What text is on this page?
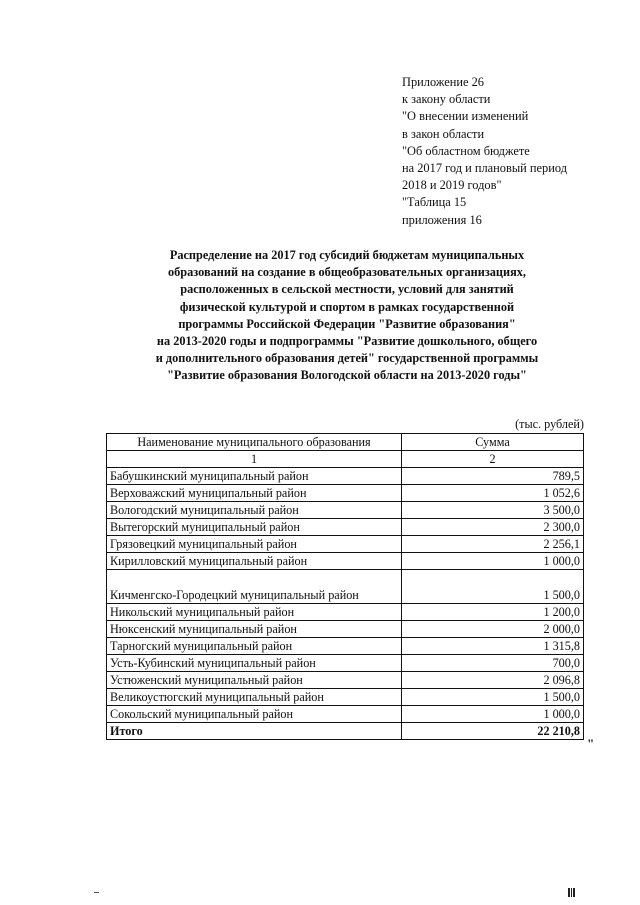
Приложение 26
к закону области
"О внесении изменений
в закон области
"Об областном бюджете
на 2017 год и плановый период
2018 и 2019 годов"
"Таблица 15
приложения 16
Распределение на 2017 год субсидий бюджетам муниципальных
образований на создание в общеобразовательных организациях,
расположенных в сельской местности, условий для занятий
физической культурой и спортом в рамках государственной
программы Российской Федерации "Развитие образования"
на 2013-2020 годы и подпрограммы "Развитие дошкольного, общего
и дополнительного образования детей" государственной программы
"Развитие образования Вологодской области на 2013-2020 годы"
(тыс. рублей)
Наименование муниципального образования	Сумма
1	2
Бабушкинский муниципальный район	789,5
Верховажский муниципальный район	1 052,6
Вологодский муниципальный район	3 500,0
Вытегорский муниципальный район	2 300,0
Грязовецкий муниципальный район	2 256,1
Кирилловский муниципальный район	1 000,0
Кичменгско-Городецкий муниципальный район	1 500,0
Никольский муниципальный район	1 200,0
Нюксенский муниципальный район	2 000,0
Тарногский муниципальный район	1 315,8
Усть-Кубинский муниципальный район	700,0
Устюженский муниципальный район	2 096,8
Великоустюгский муниципальный район	1 500,0
Сокольский муниципальный район	1 000,0
Итого	22 210,8
"
